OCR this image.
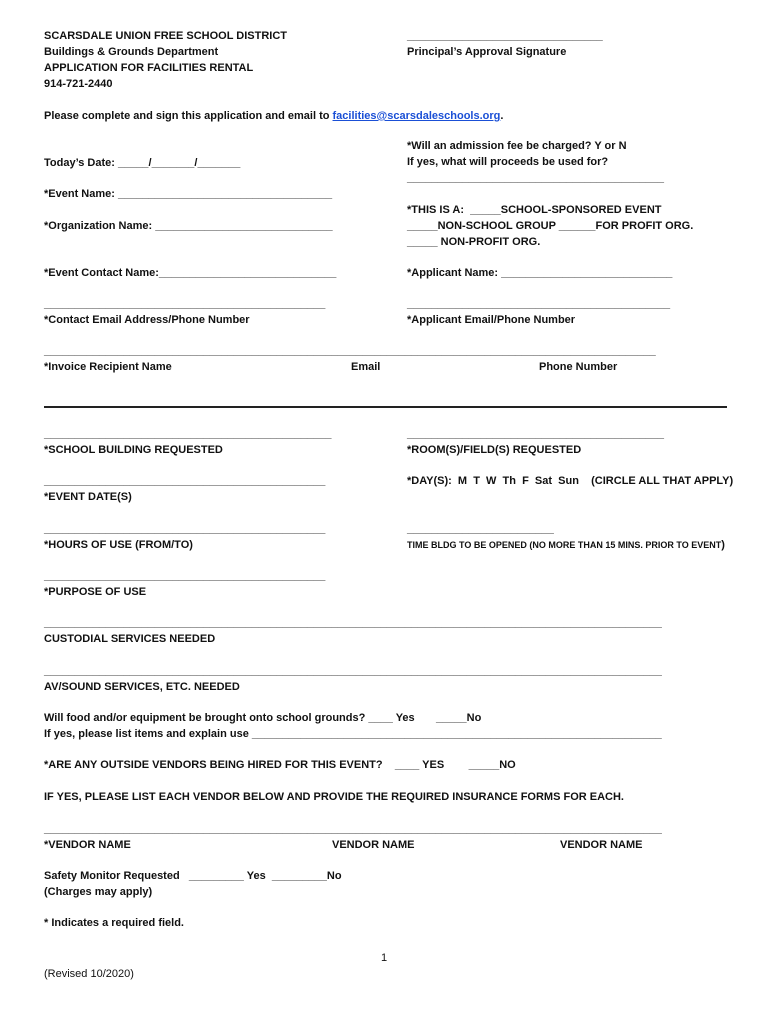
SCARSDALE UNION FREE SCHOOL DISTRICT
Buildings & Grounds Department
APPLICATION FOR FACILITIES RENTAL
914-721-2440
________________________________
Principal’s Approval Signature
Please complete and sign this application and email to facilities@scarsdaleschools.org.
Today’s Date: _____/_______/_______
*Event Name: ___________________________________
*Organization Name: _____________________________
*Event Contact Name:_____________________________
______________________________________________
*Contact Email Address/Phone Number
*Will an admission fee be charged? Y or N
If yes, what will proceeds be used for?
__________________________________________
*THIS IS A:  _____SCHOOL-SPONSORED EVENT
_____NON-SCHOOL GROUP ______FOR PROFIT ORG.
_____ NON-PROFIT ORG.
*Applicant Name: ____________________________
___________________________________________
*Applicant Email/Phone Number
____________________________________________________________________________________________________
*Invoice Recipient Name	Email	Phone Number
_______________________________________________
*SCHOOL BUILDING REQUESTED
__________________________________________
*ROOM(S)/FIELD(S) REQUESTED
______________________________________________
*EVENT DATE(S)
*DAY(S):  M  T  W  Th  F  Sat  Sun    (CIRCLE ALL THAT APPLY)
______________________________________________
*HOURS OF USE (FROM/TO)
________________________
TIME BLDG TO BE OPENED (NO MORE THAN 15 MINS. PRIOR TO EVENT)
______________________________________________
*PURPOSE OF USE
_____________________________________________________________________________________________________
CUSTODIAL SERVICES NEEDED
_____________________________________________________________________________________________________
AV/SOUND SERVICES, ETC. NEEDED
Will food and/or equipment be brought onto school grounds? ____ Yes       _____No
If yes, please list items and explain use ___________________________________________________________________
*ARE ANY OUTSIDE VENDORS BEING HIRED FOR THIS EVENT?    ____ YES        _____NO
IF YES, PLEASE LIST EACH VENDOR BELOW AND PROVIDE THE REQUIRED INSURANCE FORMS FOR EACH.
_____________________________________________________________________________________________________
*VENDOR NAME	VENDOR NAME	VENDOR NAME
Safety Monitor Requested   _________ Yes  _________No
(Charges may apply)
* Indicates a required field.
1
(Revised 10/2020)
